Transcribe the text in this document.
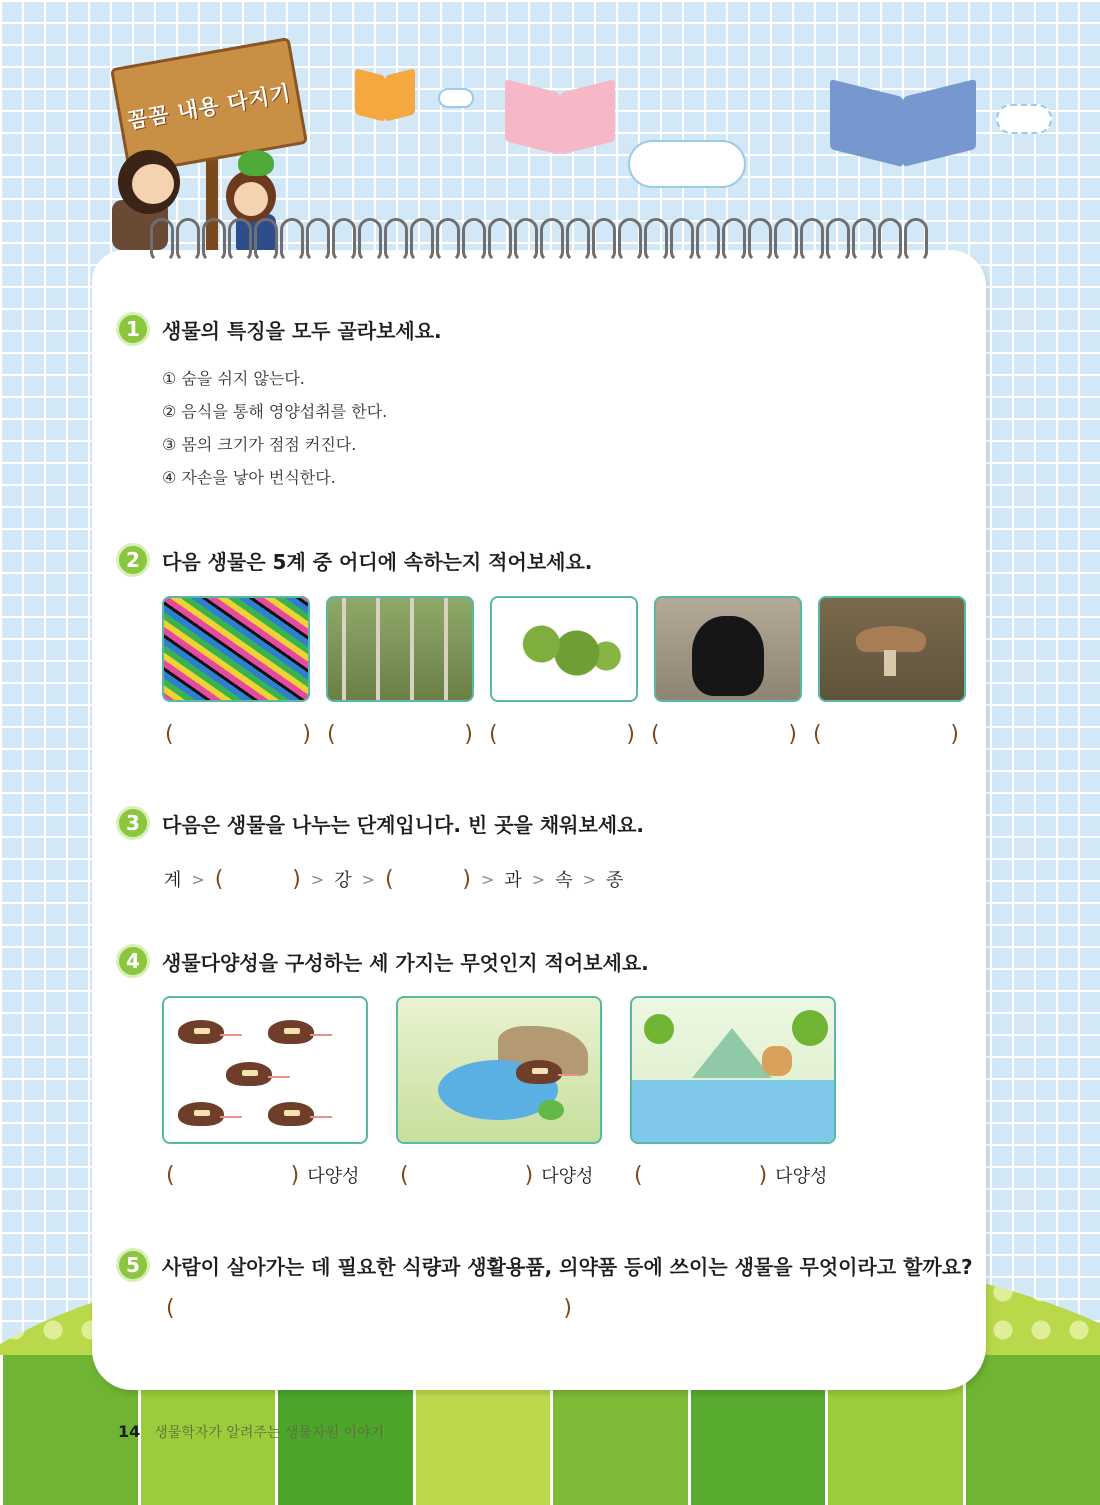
꼼꼼 내용 다지기
1	생물의 특징을 모두 골라보세요.
① 숨을 쉬지 않는다.
② 음식을 통해 영양섭취를 한다.
③ 몸의 크기가 점점 커진다.
④ 자손을 낳아 번식한다.
2	다음 생물은 5계 중 어디에 속하는지 적어보세요.
(	) (	) (	) (	) (	)
3	다음은 생물을 나누는 단계입니다. 빈 곳을 채워보세요.
계 > (	) > 강 > (	) > 과 > 속 > 종
4	생물다양성을 구성하는 세 가지는 무엇인지 적어보세요.
(	) 다양성 (	) 다양성 (	) 다양성
5	사람이 살아가는 데 필요한 식량과 생활용품, 의약품 등에 쓰이는 생물을 무엇이라고 할까요?
(	)
14 생물학자가 알려주는 생물자원 이야기
